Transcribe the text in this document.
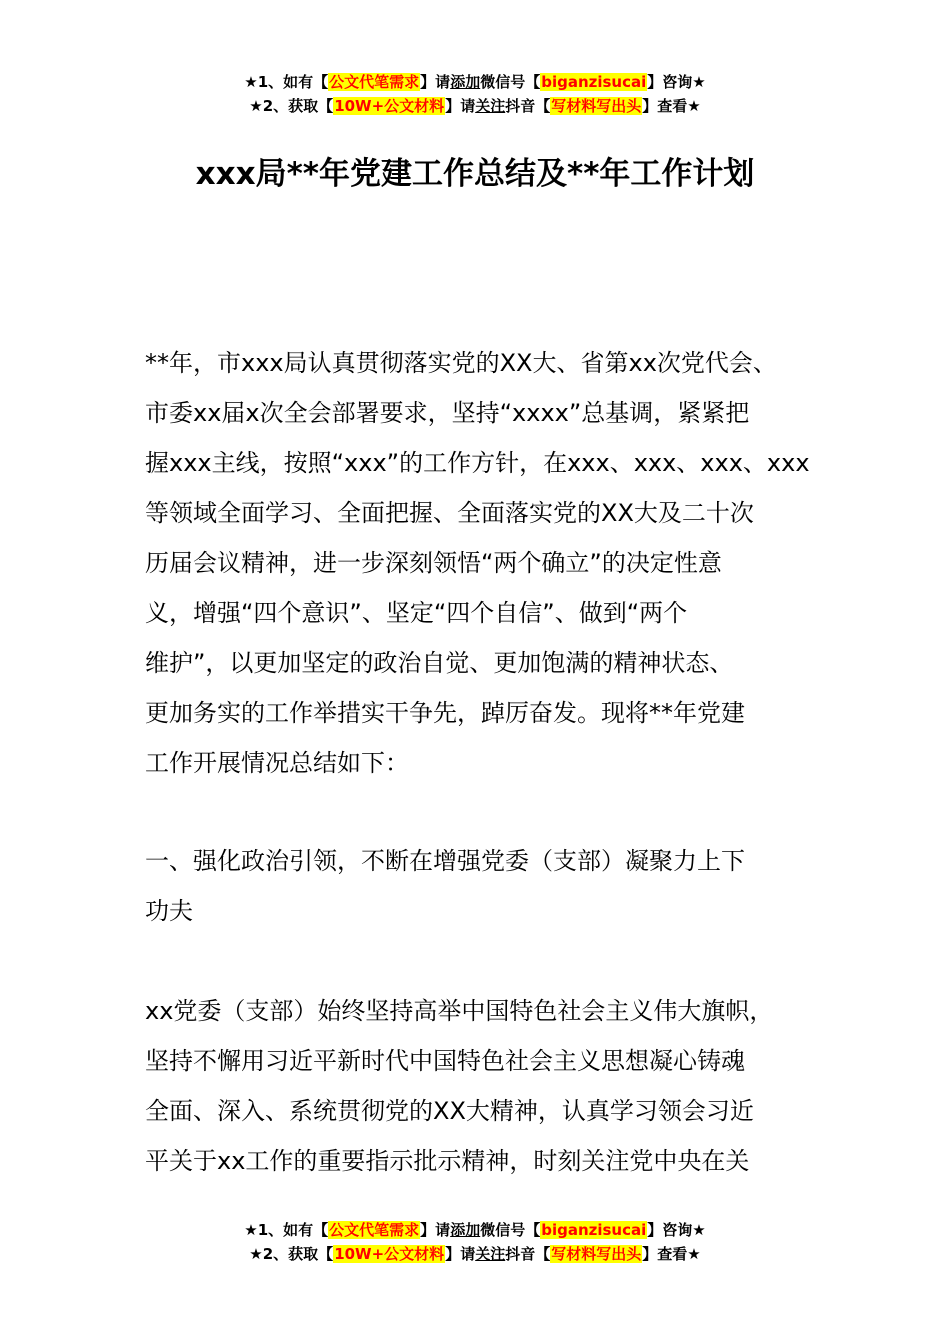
★1、如有【公文代笔需求】请添加微信号【biganzisucai】咨询★
★2、获取【10W+公文材料】请关注抖音【写材料写出头】查看★
xxx局**年党建工作总结及**年工作计划

**年，市xxx局认真贯彻落实党的XX大、省第xx次党代会、
市委xx届x次全会部署要求，坚持“xxxx”总基调，紧紧把
握xxx主线，按照“xxx”的工作方针，在xxx、xxx、xxx、xxx
等领域全面学习、全面把握、全面落实党的XX大及二十次
历届会议精神，进一步深刻领悟“两个确立”的决定性意
义，增强“四个意识”、坚定“四个自信”、做到“两个
维护”，以更加坚定的政治自觉、更加饱满的精神状态、
更加务实的工作举措实干争先，踔厉奋发。现将**年党建
工作开展情况总结如下：

一、强化政治引领，不断在增强党委（支部）凝聚力上下
功夫

xx党委（支部）始终坚持高举中国特色社会主义伟大旗帜，
坚持不懈用习近平新时代中国特色社会主义思想凝心铸魂
全面、深入、系统贯彻党的XX大精神，认真学习领会习近
平关于xx工作的重要指示批示精神，时刻关注党中央在关

★1、如有【公文代笔需求】请添加微信号【biganzisucai】咨询★
★2、获取【10W+公文材料】请关注抖音【写材料写出头】查看★
